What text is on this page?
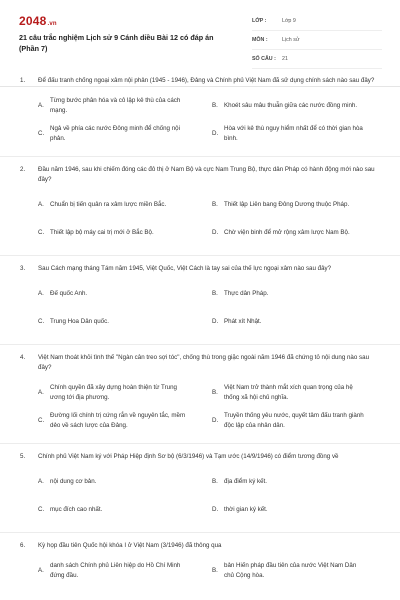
2048.vn
21 câu trắc nghiệm Lịch sử 9 Cánh diều Bài 12 có đáp án (Phần 7)
LỚP :	Lớp 9
MÔN :	Lịch sử
SỐ CÂU :	21
1. Để đấu tranh chống ngoại xâm nội phản (1945 - 1946), Đảng và Chính phủ Việt Nam đã sử dụng chính sách nào sau đây?
A.
Từng bước phân hóa và cô lập kẻ thù của cách mạng.
B. Khoét sâu mâu thuẫn giữa các nước đồng minh.
C.
Ngả về phía các nước Đông minh để chống nội phản.
D.
Hòa với kẻ thù nguy hiểm nhất để có thời gian hòa bình.
2. Đầu năm 1946, sau khi chiếm đóng các đô thị ở Nam Bộ và cực Nam Trung Bộ, thực dân Pháp có hành động mới nào sau đây?
A. Chuẩn bị tiến quân ra xâm lược miền Bắc.	B. Thiết lập Liên bang Đông Dương thuộc Pháp.
C. Thiết lập bộ máy cai trị mới ở Bắc Bộ.	D. Chờ viện binh để mở rộng xâm lược Nam Bộ.
3. Sau Cách mạng tháng Tám năm 1945, Việt Quốc, Việt Cách là tay sai của thế lực ngoại xâm nào sau đây?
A. Đế quốc Anh.	B. Thực dân Pháp.
C. Trung Hoa Dân quốc.	D. Phát xít Nhật.
4. Việt Nam thoát khỏi tình thế "Ngàn cân treo sợi tóc", chống thù trong giặc ngoài năm 1946 đã chứng tỏ nội dung nào sau đây?
A.
Chính quyền đã xây dựng hoàn thiện từ Trung ương tới địa phương.
B.
Việt Nam trở thành mắt xích quan trọng của hệ thống xã hội chủ nghĩa.
C.
Đường lối chính trị cứng rắn về nguyên tắc, mềm dẻo về sách lược của Đảng.
D.
Truyền thống yêu nước, quyết tâm đấu tranh giành độc lập của nhân dân.
5. Chính phủ Việt Nam ký với Pháp Hiệp định Sơ bộ (6/3/1946) và Tạm ước (14/9/1946) có điểm tương đồng về
A. nội dung cơ bản.	B. địa điểm ký kết.
C. mục đích cao nhất.	D. thời gian ký kết.
6. Kỳ họp đầu tiên Quốc hội khóa I ở Việt Nam (3/1946) đã thông qua
A.
danh sách Chính phủ Liên hiệp do Hồ Chí Minh đứng đầu.
B.
bản Hiến pháp đầu tiên của nước Việt Nam Dân chủ Cộng hòa.
